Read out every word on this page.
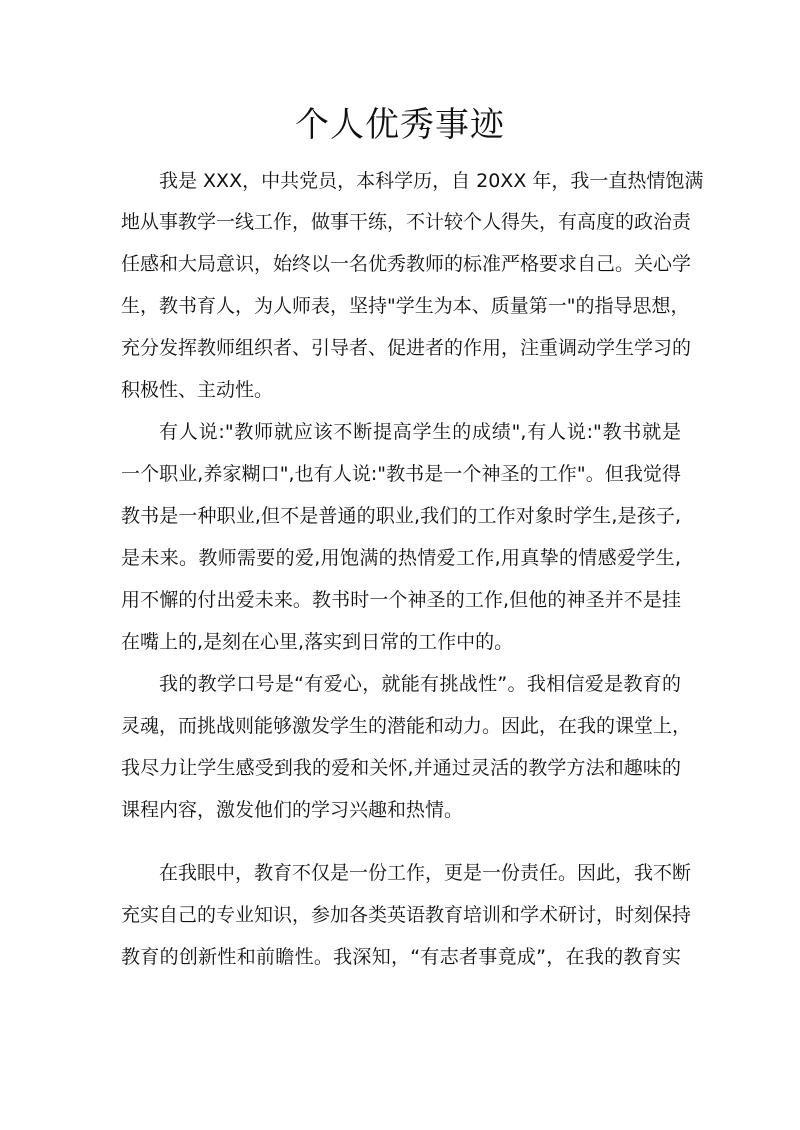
个人优秀事迹

我是 XXX，中共党员，本科学历，自 20XX 年，我一直热情饱满

地从事教学一线工作，做事干练，不计较个人得失，有高度的政治责

任感和大局意识，始终以一名优秀教师的标准严格要求自己。关心学

生，教书育人，为人师表，坚持"学生为本、质量第一"的指导思想，

充分发挥教师组织者、引导者、促进者的作用，注重调动学生学习的

积极性、主动性。

有人说:"教师就应该不断提高学生的成绩",有人说:"教书就是

一个职业,养家糊口",也有人说:"教书是一个神圣的工作"。但我觉得

教书是一种职业,但不是普通的职业,我们的工作对象时学生,是孩子,

是未来。教师需要的爱,用饱满的热情爱工作,用真挚的情感爱学生,

用不懈的付出爱未来。教书时一个神圣的工作,但他的神圣并不是挂

在嘴上的,是刻在心里,落实到日常的工作中的。

我的教学口号是“有爱心，就能有挑战性”。我相信爱是教育的

灵魂，而挑战则能够激发学生的潜能和动力。因此，在我的课堂上，

我尽力让学生感受到我的爱和关怀,并通过灵活的教学方法和趣味的

课程内容，激发他们的学习兴趣和热情。

在我眼中，教育不仅是一份工作，更是一份责任。因此，我不断

充实自己的专业知识，参加各类英语教育培训和学术研讨，时刻保持

教育的创新性和前瞻性。我深知，“有志者事竟成”，在我的教育实
